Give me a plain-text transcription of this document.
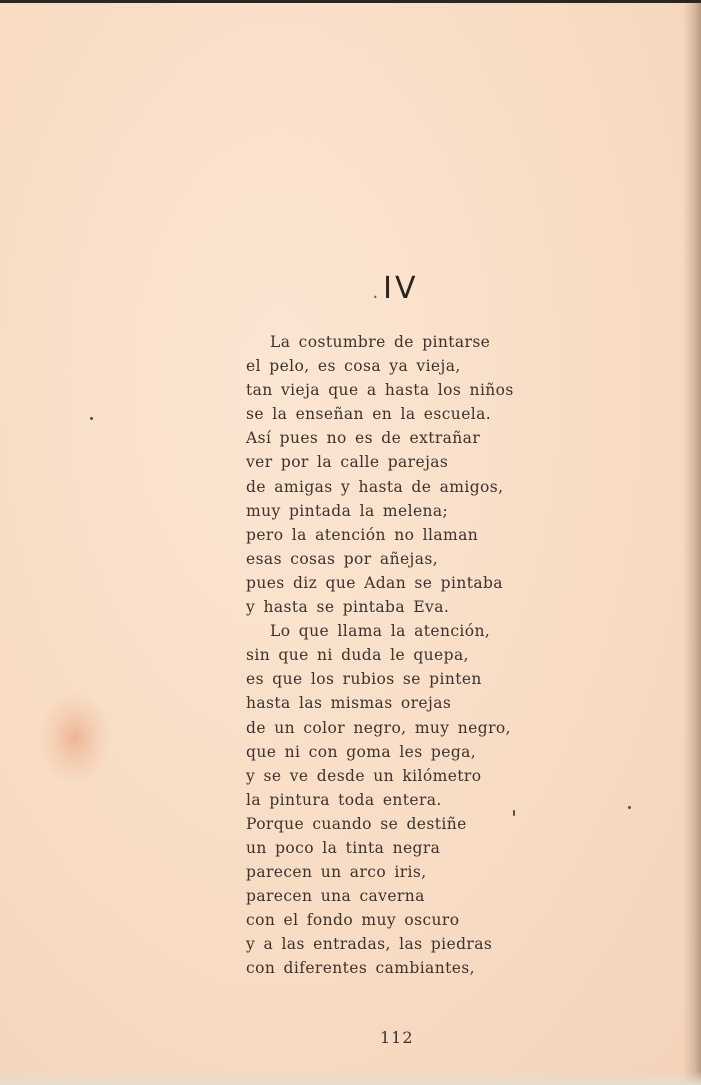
.IV
La costumbre de pintarse
el pelo, es cosa ya vieja,
tan vieja que a hasta los niños
se la enseñan en la escuela.
Así pues no es de extrañar
ver por la calle parejas
de amigas y hasta de amigos,
muy pintada la melena;
pero la atención no llaman
esas cosas por añejas,
pues diz que Adan se pintaba
y hasta se pintaba Eva.
Lo que llama la atención,
sin que ni duda le quepa,
es que los rubios se pinten
hasta las mismas orejas
de un color negro, muy negro,
que ni con goma les pega,
y se ve desde un kilómetro
la pintura toda entera.
Porque cuando se destiñe
un poco la tinta negra
parecen un arco iris,
parecen una caverna
con el fondo muy oscuro
y a las entradas, las piedras
con diferentes cambiantes,
112
